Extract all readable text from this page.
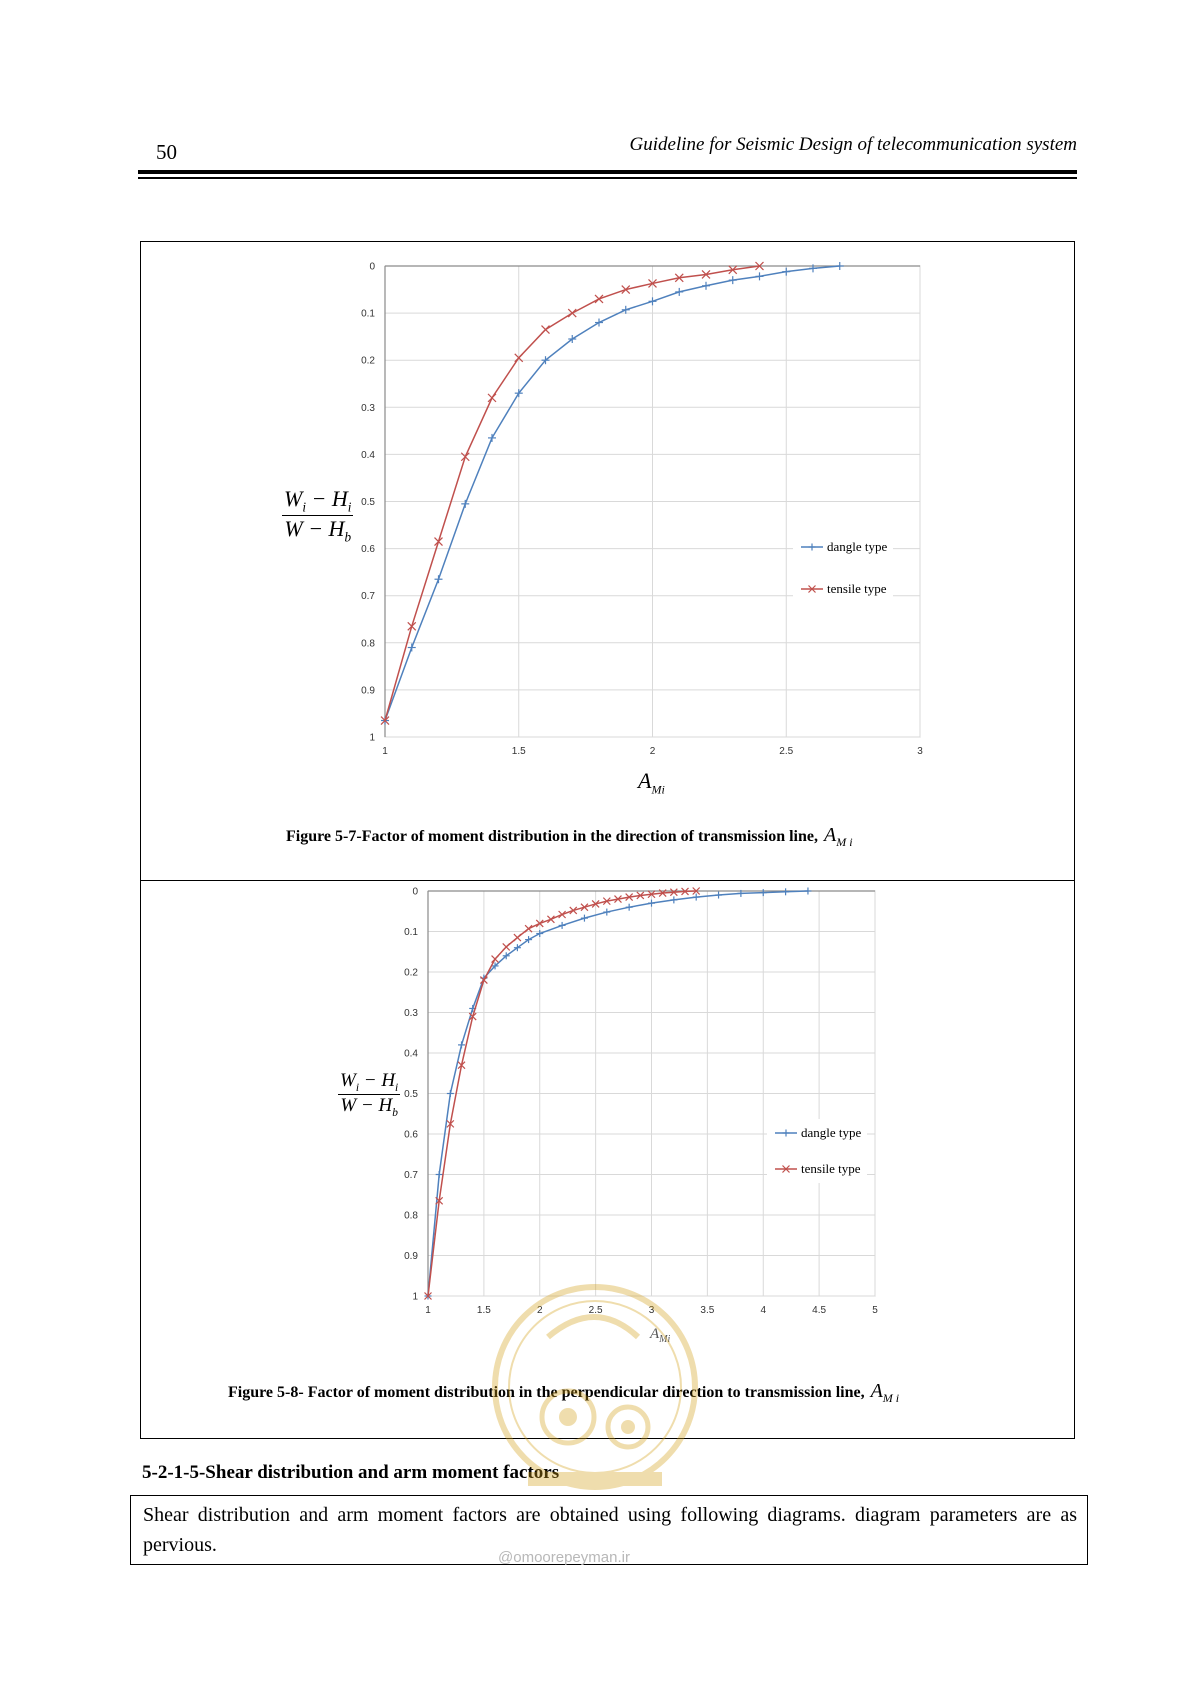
50	Guideline for Seismic Design of telecommunication system
0
0.1
0.2
0.3
0.4
0.5
0.6
0.7
0.8
0.9
1
1	1.5	2	2.5	3
dangle type
tensile type
$W_i - H_i$
$W - H_b$
$A_{Mi}$
Figure 5-7-Factor of moment distribution in the direction of transmission line, $A_{M i}$
0
0.1
0.2
0.3
0.4
0.5
0.6
0.7
0.8
0.9
1
1	1.5	2	2.5	3	3.5	4	4.5	5
dangle type
tensile type
$W_i - H_i$
$W - H_b$
$A_{Mi}$
Figure 5-8- Factor of moment distribution in the perpendicular direction to transmission line, $A_{M i}$
5-2-1-5-Shear distribution and arm moment factors
Shear distribution and arm moment factors are obtained using following diagrams. diagram parameters are as pervious.
@omoorepeyman.ir
